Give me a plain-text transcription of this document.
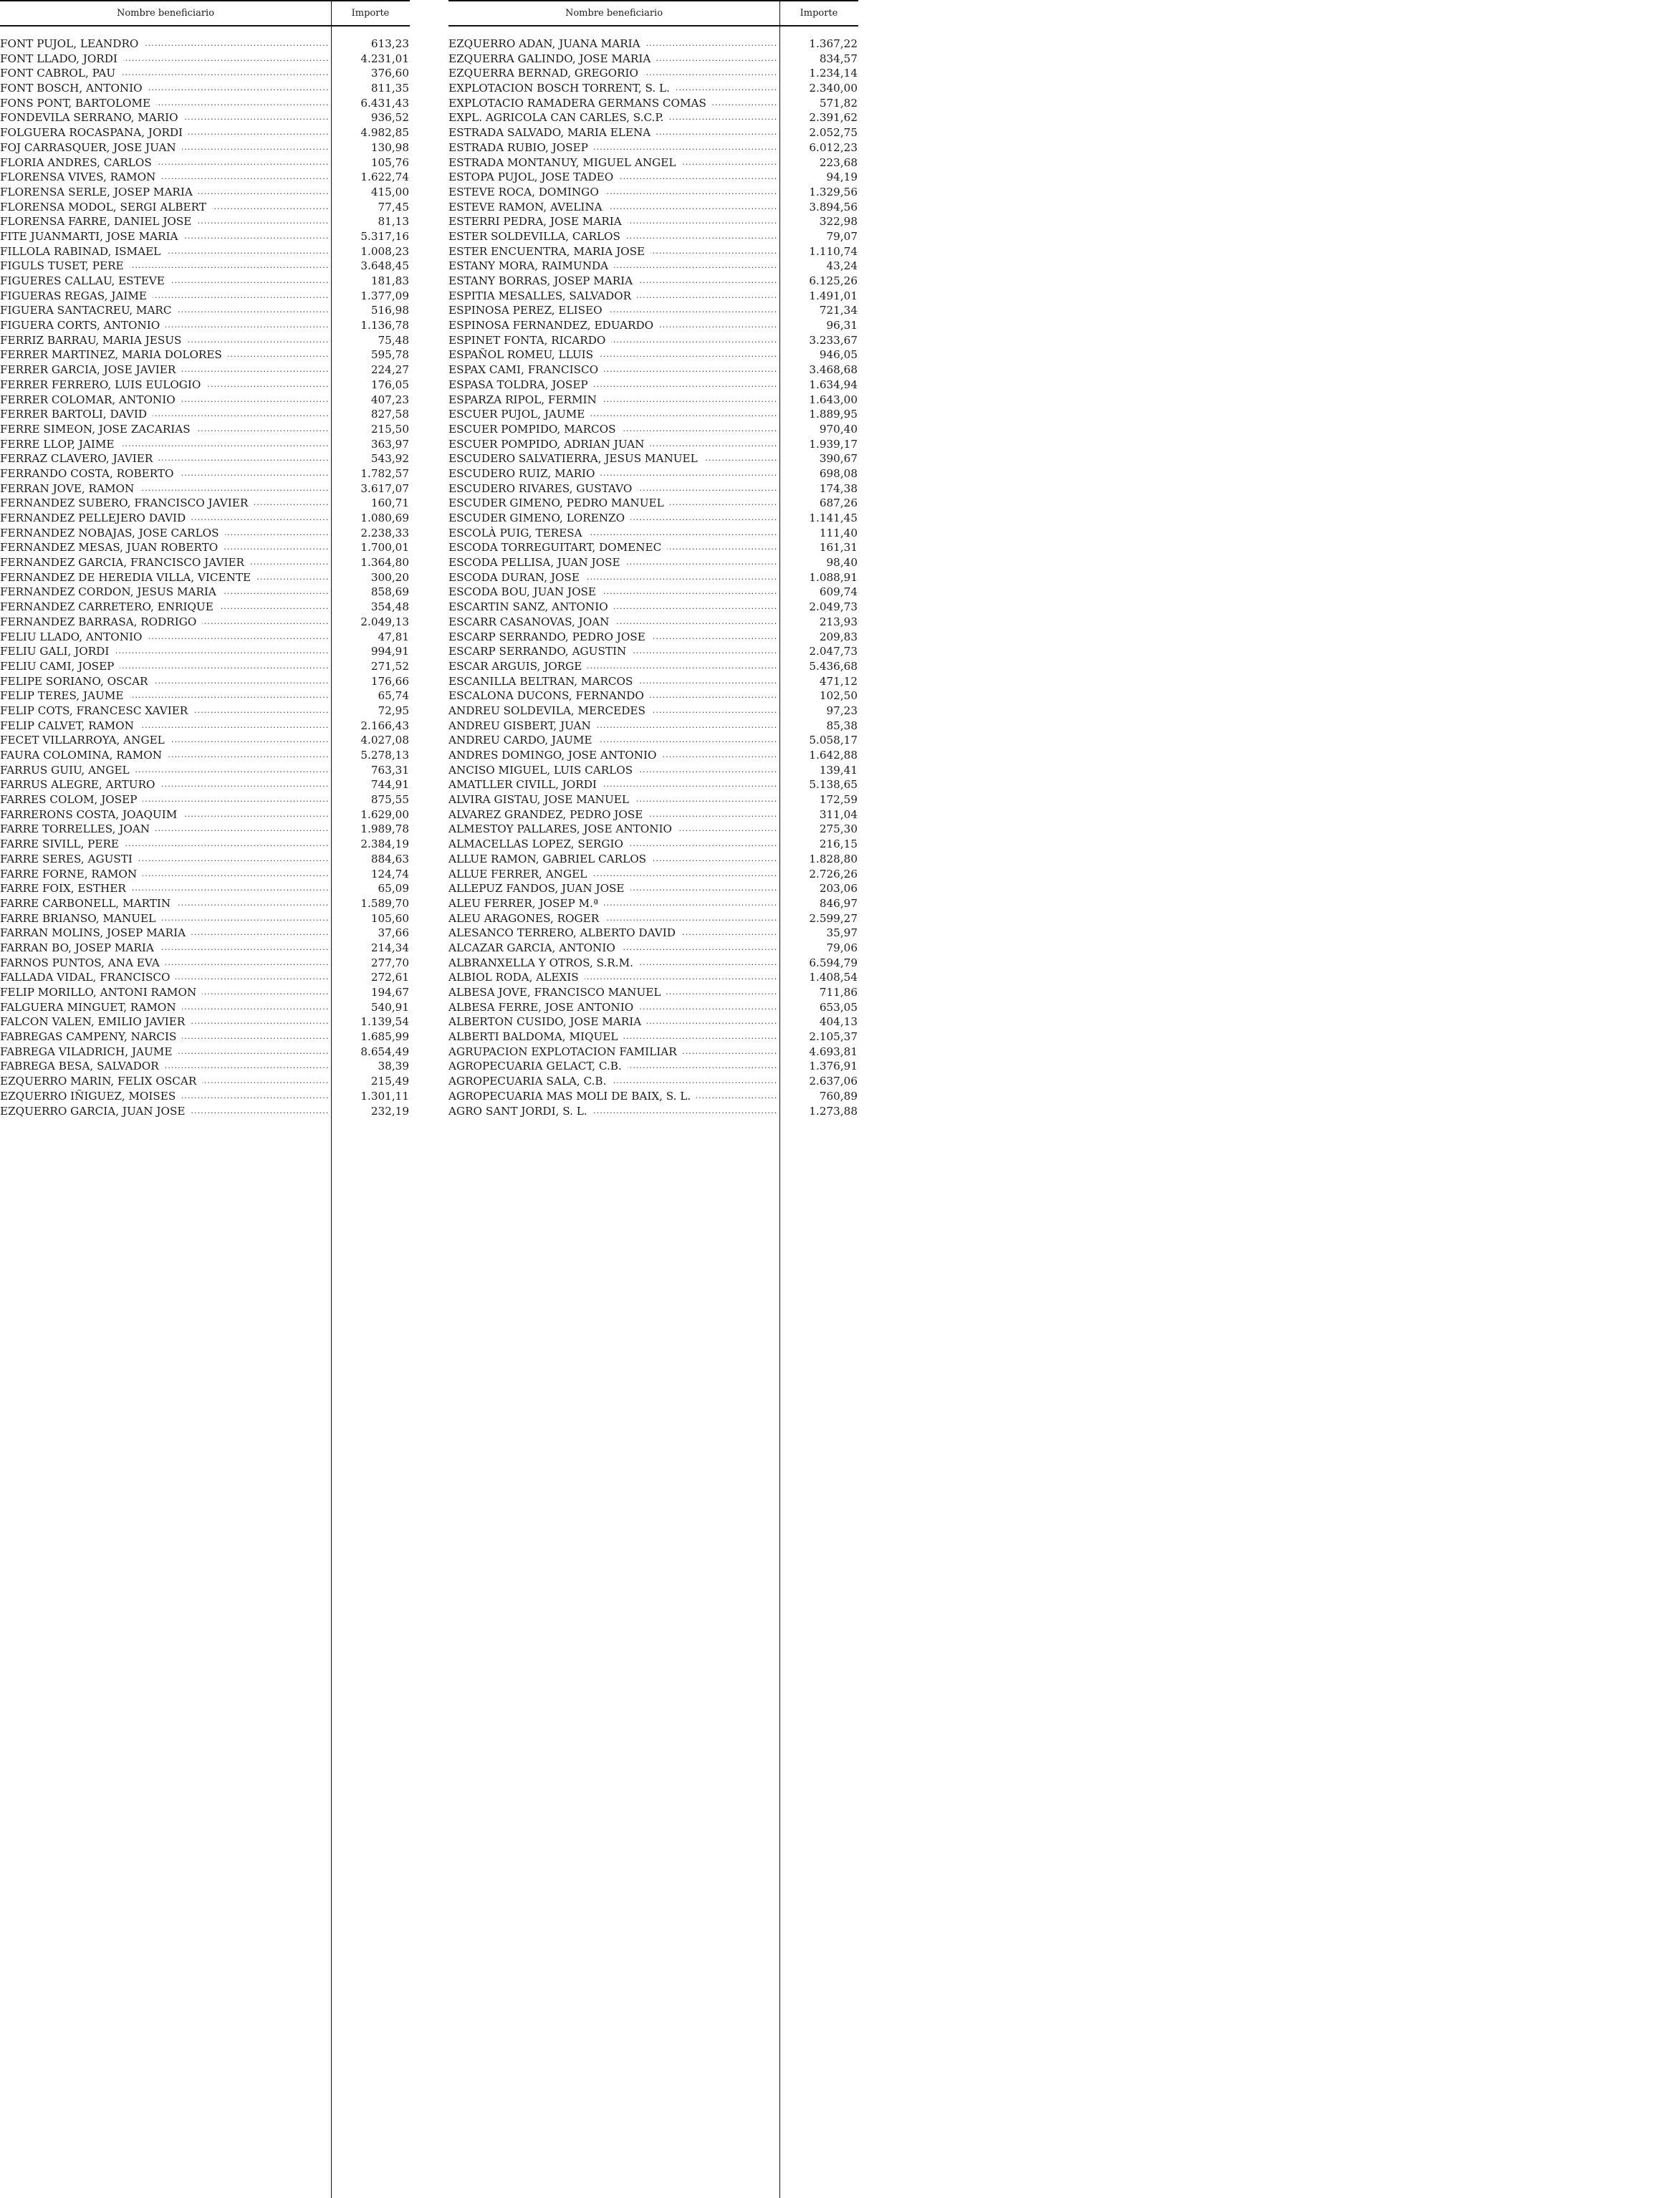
Nombre beneficiario	Importe
FONT PUJOL, LEANDRO . . .	613,23
FONT LLADO, JORDI . . .	4.231,01
FONT CABROL, PAU . . .	376,60
FONT BOSCH, ANTONIO . . .	811,35
FONS PONT, BARTOLOME . . .	6.431,43
FONDEVILA SERRANO, MARIO . . .	936,52
FOLGUERA ROCASPANA, JORDI . . .	4.982,85
FOJ CARRASQUER, JOSE JUAN . . .	130,98
FLORIA ANDRES, CARLOS . . .	105,76
FLORENSA VIVES, RAMON . . .	1.622,74
FLORENSA SERLE, JOSEP MARIA . . .	415,00
FLORENSA MODOL, SERGI ALBERT . . .	77,45
FLORENSA FARRE, DANIEL JOSE . . .	81,13
FITE JUANMARTI, JOSE MARIA . . .	5.317,16
FILLOLA RABINAD, ISMAEL . . .	1.008,23
FIGULS TUSET, PERE . . .	3.648,45
FIGUERES CALLAU, ESTEVE . . .	181,83
FIGUERAS REGAS, JAIME . . .	1.377,09
FIGUERA SANTACREU, MARC . . .	516,98
FIGUERA CORTS, ANTONIO . . .	1.136,78
FERRIZ BARRAU, MARIA JESUS . . .	75,48
FERRER MARTINEZ, MARIA DOLORES . . .	595,78
FERRER GARCIA, JOSE JAVIER . . .	224,27
FERRER FERRERO, LUIS EULOGIO . . .	176,05
FERRER COLOMAR, ANTONIO . . .	407,23
FERRER BARTOLI, DAVID . . .	827,58
FERRE SIMEON, JOSE ZACARIAS . . .	215,50
FERRE LLOP, JAIME . . .	363,97
FERRAZ CLAVERO, JAVIER . . .	543,92
FERRANDO COSTA, ROBERTO . . .	1.782,57
FERRAN JOVE, RAMON . . .	3.617,07
FERNANDEZ SUBERO, FRANCISCO JAVIER . . .	160,71
FERNANDEZ PELLEJERO DAVID . . .	1.080,69
FERNANDEZ NOBAJAS, JOSE CARLOS . . .	2.238,33
FERNANDEZ MESAS, JUAN ROBERTO . . .	1.700,01
FERNANDEZ GARCIA, FRANCISCO JAVIER . . .	1.364,80
FERNANDEZ DE HEREDIA VILLA, VICENTE . . .	300,20
FERNANDEZ CORDON, JESUS MARIA . . .	858,69
FERNANDEZ CARRETERO, ENRIQUE . . .	354,48
FERNANDEZ BARRASA, RODRIGO . . .	2.049,13
FELIU LLADO, ANTONIO . . .	47,81
FELIU GALI, JORDI . . .	994,91
FELIU CAMI, JOSEP . . .	271,52
FELIPE SORIANO, OSCAR . . .	176,66
FELIP TERES, JAUME . . .	65,74
FELIP COTS, FRANCESC XAVIER . . .	72,95
FELIP CALVET, RAMON . . .	2.166,43
FECET VILLARROYA, ANGEL . . .	4.027,08
FAURA COLOMINA, RAMON . . .	5.278,13
FARRUS GUIU, ANGEL . . .	763,31
FARRUS ALEGRE, ARTURO . . .	744,91
FARRES COLOM, JOSEP . . .	875,55
FARRERONS COSTA, JOAQUIM . . .	1.629,00
FARRE TORRELLES, JOAN . . .	1.989,78
FARRE SIVILL, PERE . . .	2.384,19
FARRE SERES, AGUSTI . . .	884,63
FARRE FORNE, RAMON . . .	124,74
FARRE FOIX, ESTHER . . .	65,09
FARRE CARBONELL, MARTIN . . .	1.589,70
FARRE BRIANSO, MANUEL . . .	105,60
FARRAN MOLINS, JOSEP MARIA . . .	37,66
FARRAN BO, JOSEP MARIA . . .	214,34
FARNOS PUNTOS, ANA EVA . . .	277,70
FALLADA VIDAL, FRANCISCO . . .	272,61
FELIP MORILLO, ANTONI RAMON . . .	194,67
FALGUERA MINGUET, RAMON . . .	540,91
FALCON VALEN, EMILIO JAVIER . . .	1.139,54
FABREGAS CAMPENY, NARCIS . . .	1.685,99
FABREGA VILADRICH, JAUME . . .	8.654,49
FABREGA BESA, SALVADOR . . .	38,39
EZQUERRO MARIN, FELIX OSCAR . . .	215,49
EZQUERRO IÑIGUEZ, MOISES . . .	1.301,11
EZQUERRO GARCIA, JUAN JOSE . . .	232,19
Nombre beneficiario	Importe
EZQUERRO ADAN, JUANA MARIA . . .	1.367,22
EZQUERRA GALINDO, JOSE MARIA . . .	834,57
EZQUERRA BERNAD, GREGORIO . . .	1.234,14
EXPLOTACION BOSCH TORRENT, S. L. . . .	2.340,00
EXPLOTACIO RAMADERA GERMANS COMAS . . .	571,82
EXPL. AGRICOLA CAN CARLES, S.C.P. . . .	2.391,62
ESTRADA SALVADO, MARIA ELENA . . .	2.052,75
ESTRADA RUBIO, JOSEP . . .	6.012,23
ESTRADA MONTANUY, MIGUEL ANGEL . . .	223,68
ESTOPA PUJOL, JOSE TADEO . . .	94,19
ESTEVE ROCA, DOMINGO . . .	1.329,56
ESTEVE RAMON, AVELINA . . .	3.894,56
ESTERRI PEDRA, JOSE MARIA . . .	322,98
ESTER SOLDEVILLA, CARLOS . . .	79,07
ESTER ENCUENTRA, MARIA JOSE . . .	1.110,74
ESTANY MORA, RAIMUNDA . . .	43,24
ESTANY BORRAS, JOSEP MARIA . . .	6.125,26
ESPITIA MESALLES, SALVADOR . . .	1.491,01
ESPINOSA PEREZ, ELISEO . . .	721,34
ESPINOSA FERNANDEZ, EDUARDO . . .	96,31
ESPINET FONTA, RICARDO . . .	3.233,67
ESPAÑOL ROMEU, LLUIS . . .	946,05
ESPAX CAMI, FRANCISCO . . .	3.468,68
ESPASA TOLDRA, JOSEP . . .	1.634,94
ESPARZA RIPOL, FERMIN . . .	1.643,00
ESCUER PUJOL, JAUME . . .	1.889,95
ESCUER POMPIDO, MARCOS . . .	970,40
ESCUER POMPIDO, ADRIAN JUAN . . .	1.939,17
ESCUDERO SALVATIERRA, JESUS MANUEL . . .	390,67
ESCUDERO RUIZ, MARIO . . .	698,08
ESCUDERO RIVARES, GUSTAVO . . .	174,38
ESCUDER GIMENO, PEDRO MANUEL . . .	687,26
ESCUDER GIMENO, LORENZO . . .	1.141,45
ESCOLÀ PUIG, TERESA . . .	111,40
ESCODA TORREGUITART, DOMENEC . . .	161,31
ESCODA PELLISA, JUAN JOSE . . .	98,40
ESCODA DURAN, JOSE . . .	1.088,91
ESCODA BOU, JUAN JOSE . . .	609,74
ESCARTIN SANZ, ANTONIO . . .	2.049,73
ESCARR CASANOVAS, JOAN . . .	213,93
ESCARP SERRANDO, PEDRO JOSE . . .	209,83
ESCARP SERRANDO, AGUSTIN . . .	2.047,73
ESCAR ARGUIS, JORGE . . .	5.436,68
ESCANILLA BELTRAN, MARCOS . . .	471,12
ESCALONA DUCONS, FERNANDO . . .	102,50
ANDREU SOLDEVILA, MERCEDES . . .	97,23
ANDREU GISBERT, JUAN . . .	85,38
ANDREU CARDO, JAUME . . .	5.058,17
ANDRES DOMINGO, JOSE ANTONIO . . .	1.642,88
ANCISO MIGUEL, LUIS CARLOS . . .	139,41
AMATLLER CIVILL, JORDI . . .	5.138,65
ALVIRA GISTAU, JOSE MANUEL . . .	172,59
ALVAREZ GRANDEZ, PEDRO JOSE . . .	311,04
ALMESTOY PALLARES, JOSE ANTONIO . . .	275,30
ALMACELLAS LOPEZ, SERGIO . . .	216,15
ALLUE RAMON, GABRIEL CARLOS . . .	1.828,80
ALLUE FERRER, ANGEL . . .	2.726,26
ALLEPUZ FANDOS, JUAN JOSE . . .	203,06
ALEU FERRER, JOSEP M.ª . . .	846,97
ALEU ARAGONES, ROGER . . .	2.599,27
ALESANCO TERRERO, ALBERTO DAVID . . .	35,97
ALCAZAR GARCIA, ANTONIO . . .	79,06
ALBRANXELLA Y OTROS, S.R.M. . . .	6.594,79
ALBIOL RODA, ALEXIS . . .	1.408,54
ALBESA JOVE, FRANCISCO MANUEL . . .	711,86
ALBESA FERRE, JOSE ANTONIO . . .	653,05
ALBERTON CUSIDO, JOSE MARIA . . .	404,13
ALBERTI BALDOMA, MIQUEL . . .	2.105,37
AGRUPACION EXPLOTACION FAMILIAR . . .	4.693,81
AGROPECUARIA GELACT, C.B. . . .	1.376,91
AGROPECUARIA SALA, C.B. . . .	2.637,06
AGROPECUARIA MAS MOLI DE BAIX, S. L. . . .	760,89
AGRO SANT JORDI, S. L. . . .	1.273,88
